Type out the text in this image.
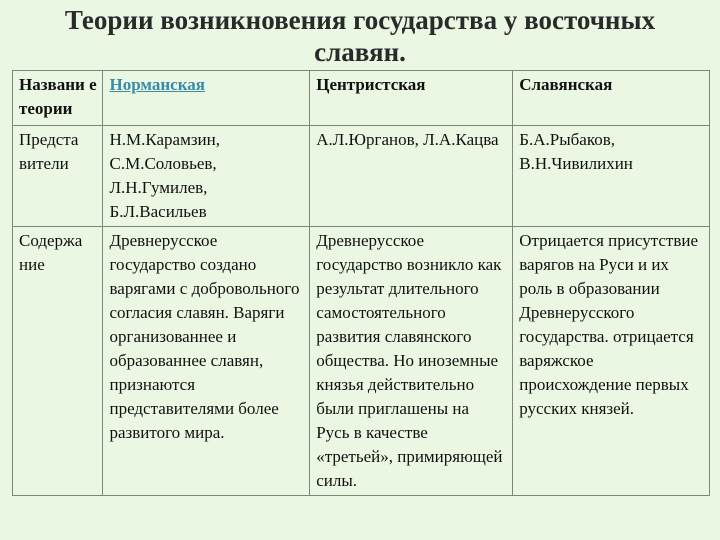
Теории возникновения государства у восточных
славян.
Названи е теории	Норманская	Центристская	Славянская
Предста вители	Н.М.Карамзин, С.М.Соловьев, Л.Н.Гумилев, Б.Л.Васильев	А.Л.Юрганов, Л.А.Кацва	Б.А.Рыбаков, В.Н.Чивилихин
Содержа ние	Древнерусское государство создано варягами с добровольного согласия славян. Варяги организованнее и образованнее славян, признаются представителями более развитого мира.	Древнерусское государство возникло как результат длительного самостоятельного развития славянского общества. Но иноземные князья действительно были приглашены на Русь в качестве «третьей», примиряющей силы.	Отрицается присутствие варягов на Руси и их роль в образовании Древнерусского государства. отрицается варяжское происхождение первых русских князей.
